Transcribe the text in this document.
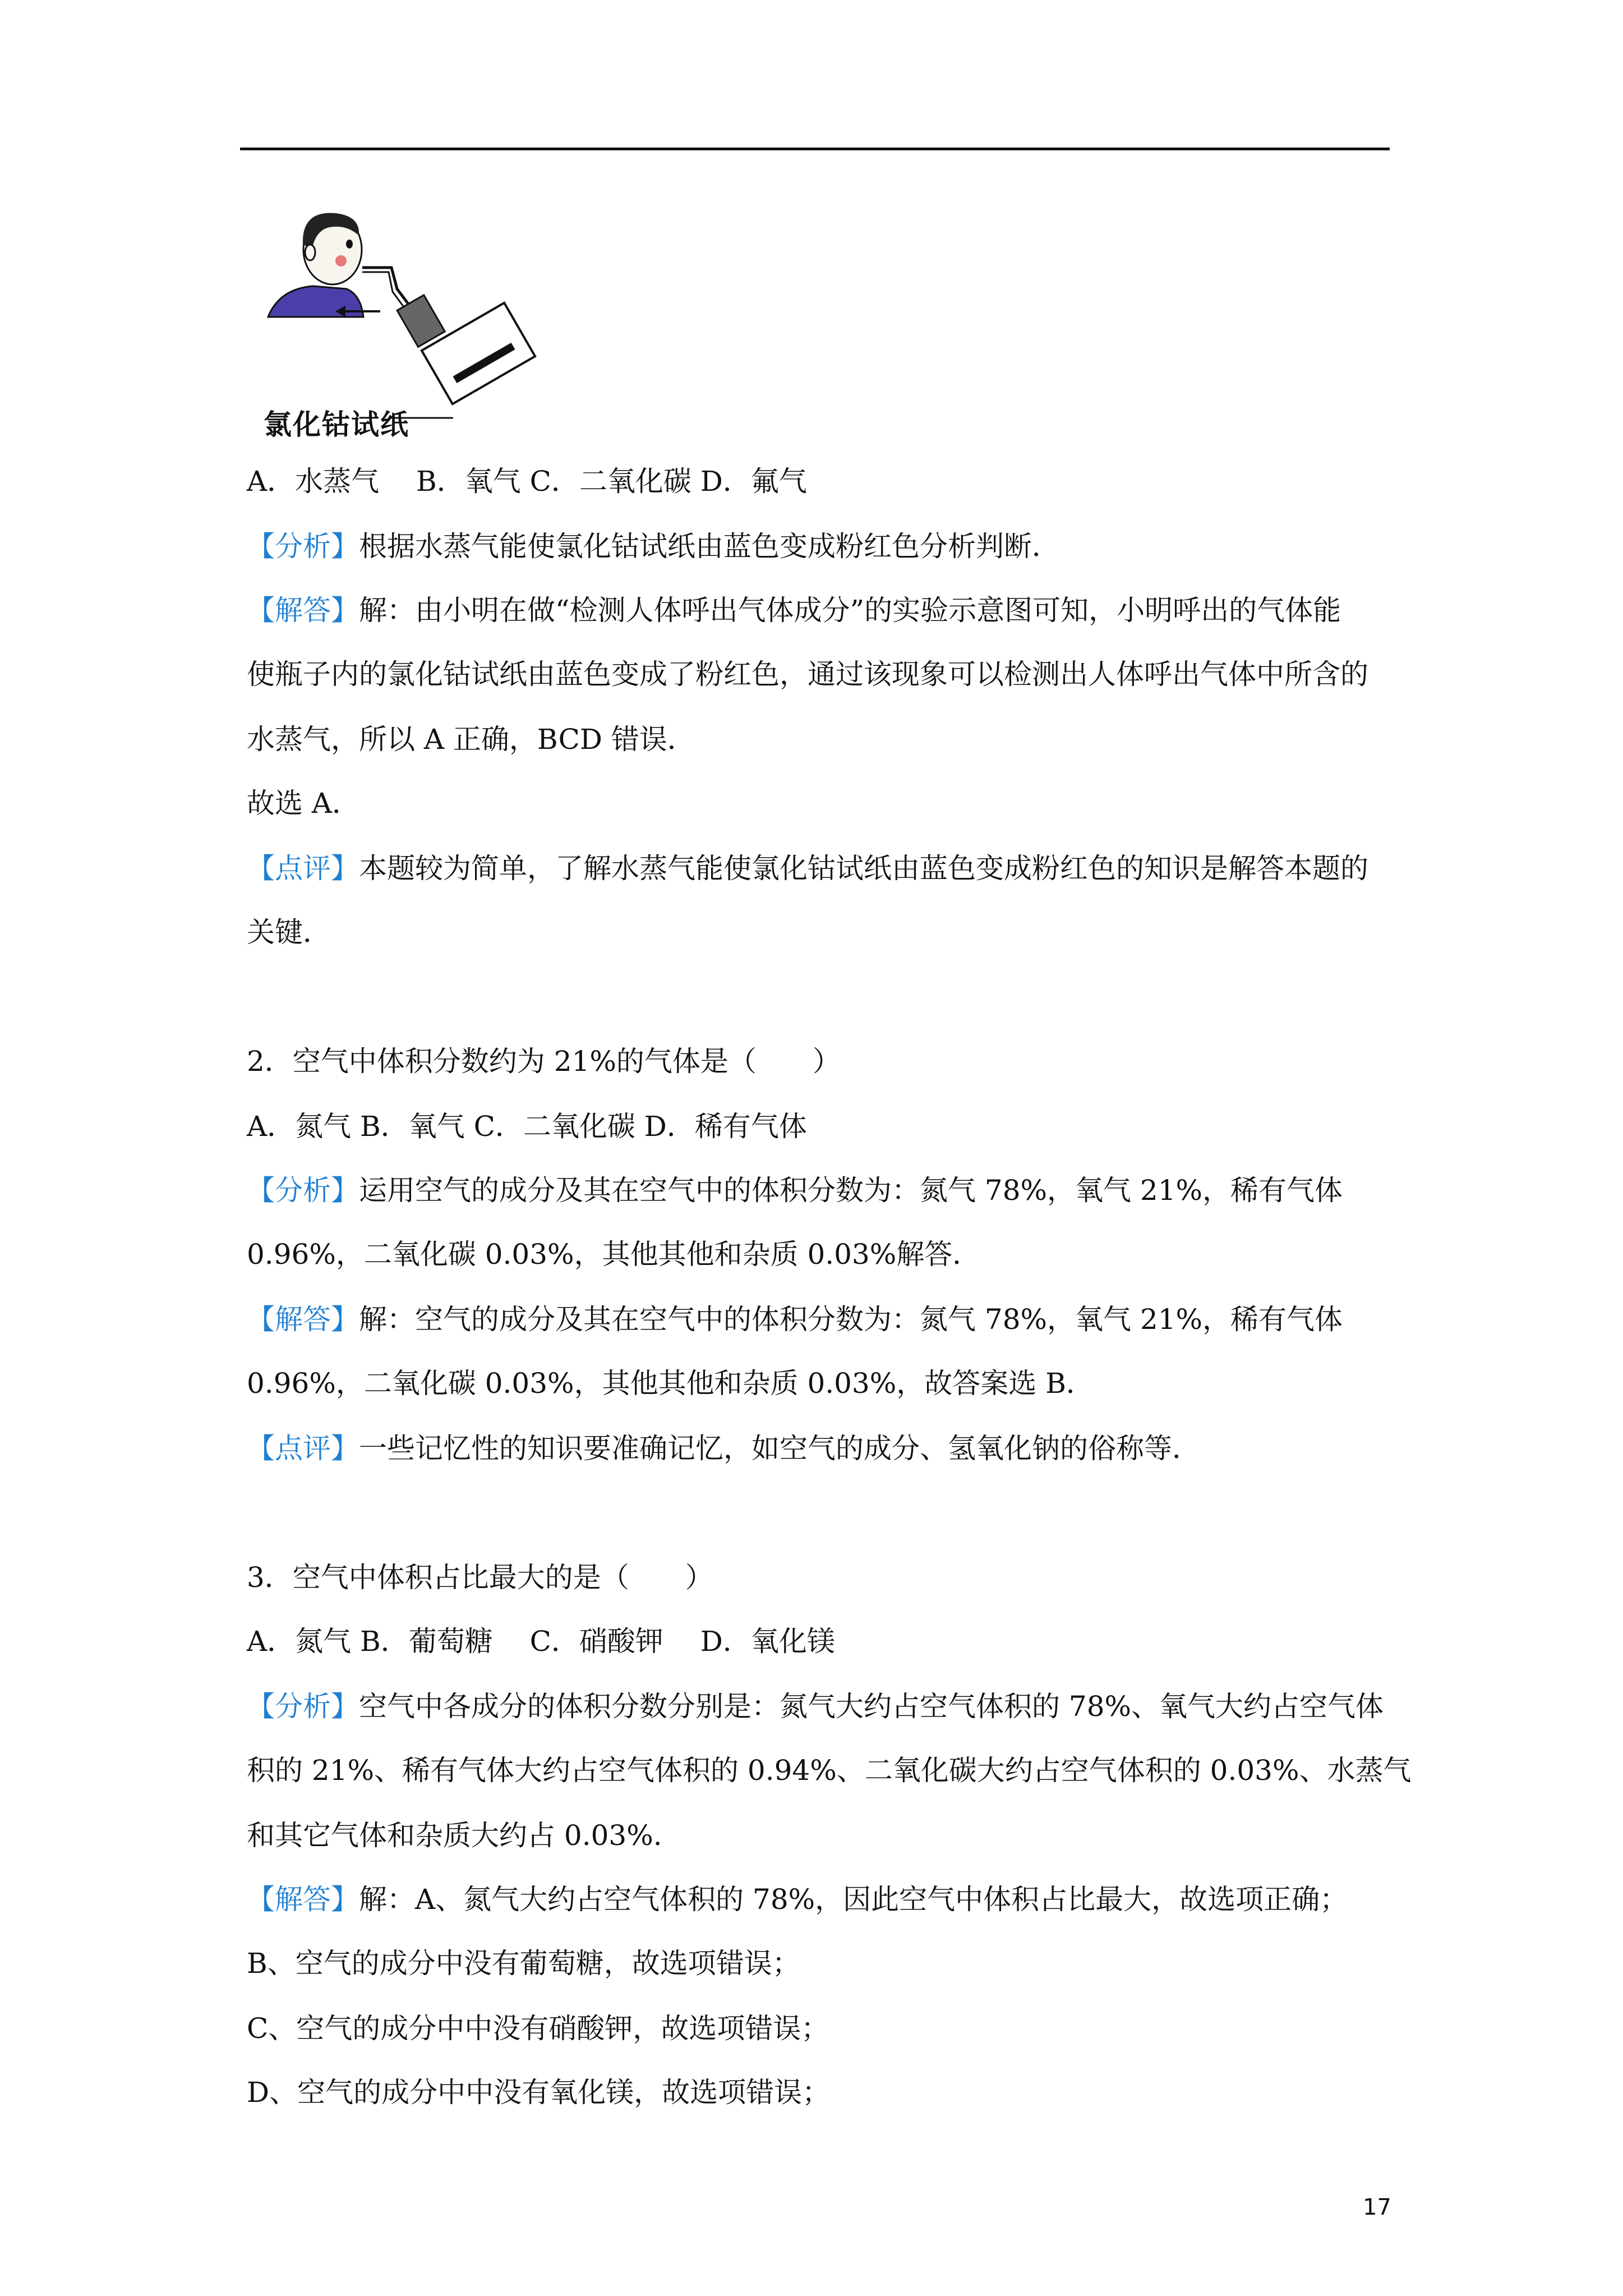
氯化钴试纸
A．水蒸气　 B．氧气 C．二氧化碳 D．氟气
【分析】根据水蒸气能使氯化钴试纸由蓝色变成粉红色分析判断．
【解答】解：由小明在做“检测人体呼出气体成分”的实验示意图可知，小明呼出的气体能
使瓶子内的氯化钴试纸由蓝色变成了粉红色，通过该现象可以检测出人体呼出气体中所含的
水蒸气，所以 A 正确，BCD 错误．
故选 A．
【点评】本题较为简单，了解水蒸气能使氯化钴试纸由蓝色变成粉红色的知识是解答本题的
关键．
2．空气中体积分数约为 21%的气体是（　　）
A．氮气 B．氧气 C．二氧化碳 D．稀有气体
【分析】运用空气的成分及其在空气中的体积分数为：氮气 78%，氧气 21%，稀有气体
0.96%，二氧化碳 0.03%，其他其他和杂质 0.03%解答．
【解答】解：空气的成分及其在空气中的体积分数为：氮气 78%，氧气 21%，稀有气体
0.96%，二氧化碳 0.03%，其他其他和杂质 0.03%，故答案选 B．
【点评】一些记忆性的知识要准确记忆，如空气的成分、氢氧化钠的俗称等．
3．空气中体积占比最大的是（　　）
A．氮气 B．葡萄糖　 C．硝酸钾　 D．氧化镁
【分析】空气中各成分的体积分数分别是：氮气大约占空气体积的 78%、氧气大约占空气体
积的 21%、稀有气体大约占空气体积的 0.94%、二氧化碳大约占空气体积的 0.03%、水蒸气
和其它气体和杂质大约占 0.03%.
【解答】解：A、氮气大约占空气体积的 78%，因此空气中体积占比最大，故选项正确；
B、空气的成分中没有葡萄糖，故选项错误；
C、空气的成分中中没有硝酸钾，故选项错误；
D、空气的成分中中没有氧化镁，故选项错误；
17
